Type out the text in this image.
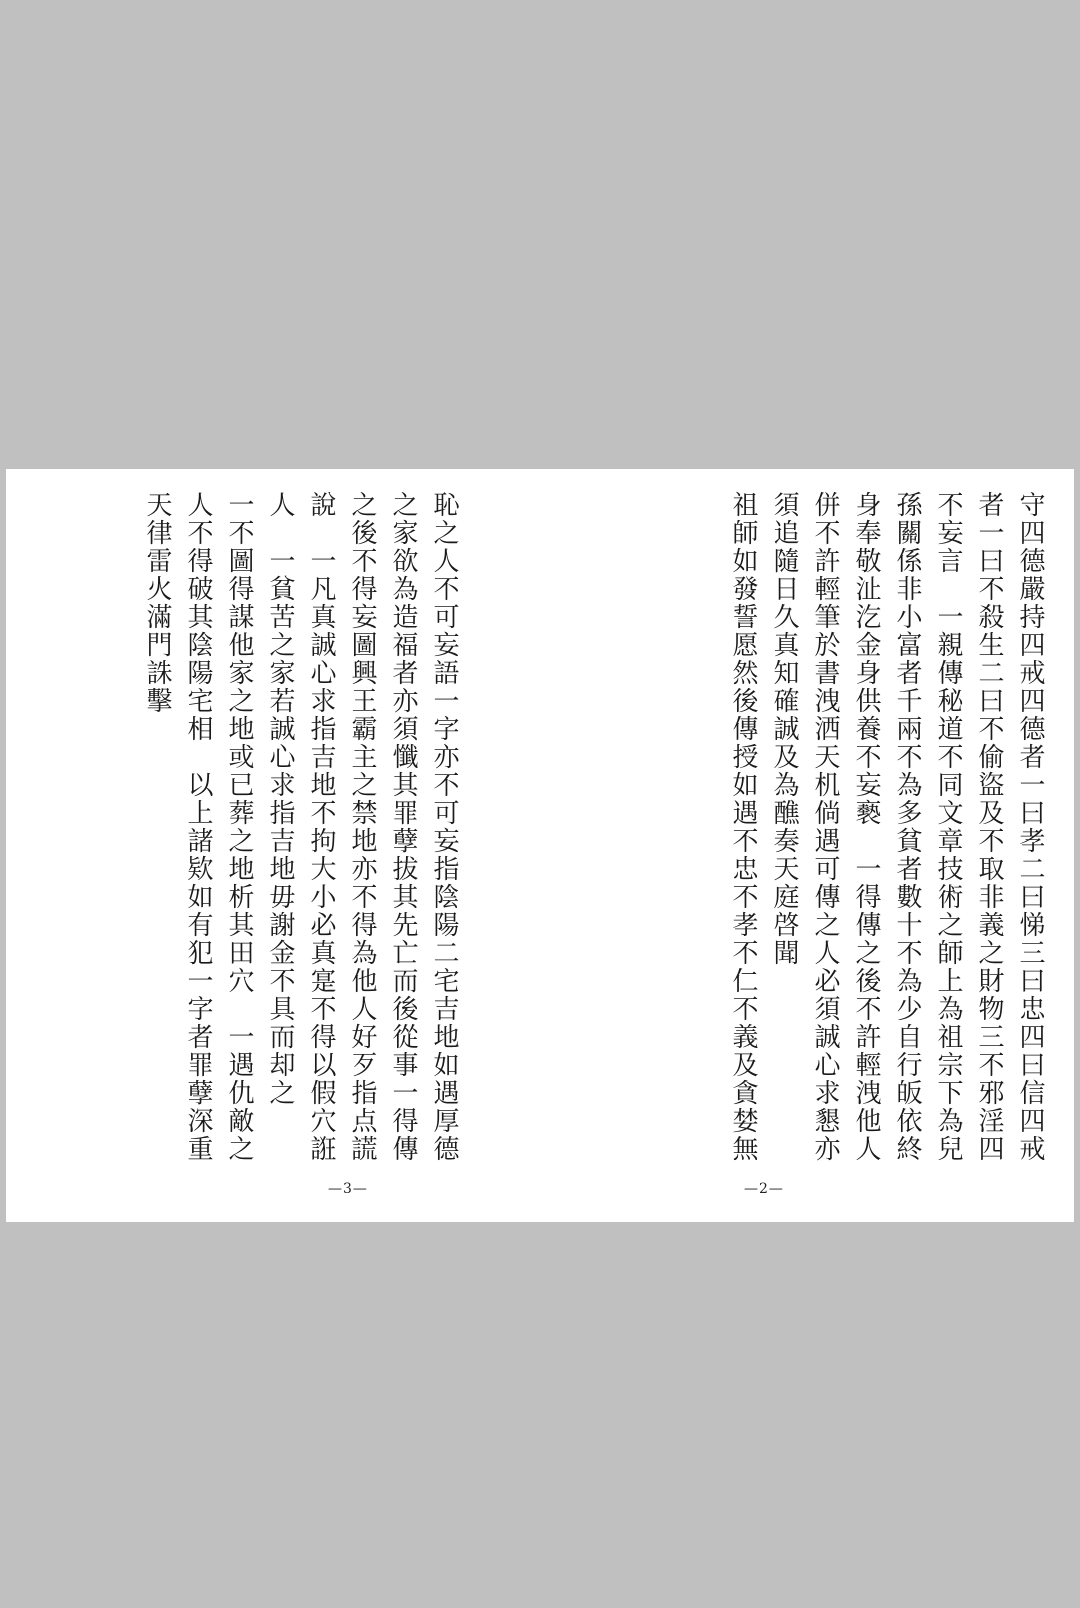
恥之人不可妄語一字亦不可妄指陰陽二宅吉地如遇厚德
之家欲為造福者亦須懺其罪孽拔其先亡而後從事一得傳
之後不得妄圖興王霸主之禁地亦不得為他人好歹指点謊
說　一凡真誠心求指吉地不拘大小必真寔不得以假穴誑
人　一貧苦之家若誠心求指吉地毋謝金不具而却之
一不圖得謀他家之地或已葬之地析其田穴　一遇仇敵之
人不得破其陰陽宅相　以上諸欵如有犯一字者罪孽深重
天律雷火滿門誅擊
—3—
守四德嚴持四戒四德者一曰孝二曰悌三曰忠四曰信四戒
者一曰不殺生二曰不偷盜及不取非義之財物三不邪淫四
不妄言　一親傳秘道不同文章技術之師上為祖宗下為兒
孫關係非小富者千兩不為多貧者數十不為少自行皈依終
身奉敬沚汔金身供養不妄褻　一得傳之後不許輕洩他人
併不許輕筆於書洩洒天机倘遇可傳之人必須誠心求懇亦
須追隨日久真知確誠及為醮奏天庭啓聞
祖師如發誓愿然後傳授如遇不忠不孝不仁不義及貪婪無
—2—
